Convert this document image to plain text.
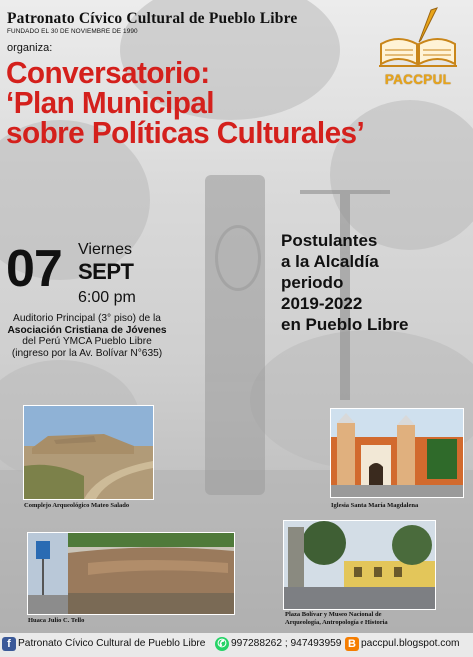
Patronato Cívico Cultural de Pueblo Libre
FUNDADO EL 30 DE NOVIEMBRE DE 1990
organiza:
PACCPUL
Conversatorio:
‘Plan Municipal
sobre Políticas Culturales’
07 Viernes
SEPT
6:00 pm
Auditorio Principal (3° piso) de la
Asociación Cristiana de Jóvenes
del Perú YMCA Pueblo Libre
(ingreso por la Av. Bolívar N°635)
Postulantes
a la Alcaldía
periodo
2019-2022
en Pueblo Libre
Complejo Arqueológico Mateo Salado	Iglesia Santa María Magdalena
Huaca Julio C. Tello
Plaza Bolívar y Museo Nacional de
Arqueología, Antropología e Historia
f Patronato Cívico Cultural de Pueblo Libre ✆ 997288262 ; 947493959 B paccpul.blogspot.com
